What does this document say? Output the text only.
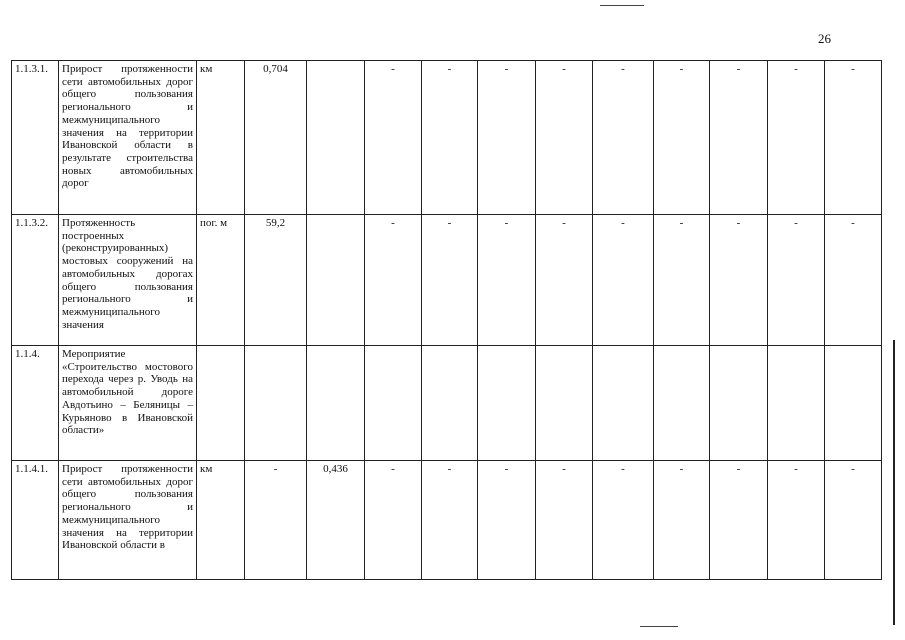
26
1.1.3.1.	Прирост протяженности сети автомобильных дорог общего пользования регионального и межмуниципального значения на территории Ивановской области в результате строительства новых автомобильных дорог	км	0,704		-	-	-	-	-	-	-	-	-	
1.1.3.2.	Протяженность построенных (реконструированных) мостовых сооружений на автомобильных дорогах общего пользования регионального и межмуниципального значения	пог. м	59,2		-	-	-	-	-	-	-	-	-	
1.1.4.	Мероприятие «Строительство мостового перехода через р. Уводь на автомобильной дороге Авдотьино – Беляницы – Курьяново в Ивановской области»													
1.1.4.1.	Прирост протяженности сети автомобильных дорог общего пользования регионального и межмуниципального значения на территории Ивановской области в	км	-	0,436	-	-	-	-	-	-	-	-	-	
